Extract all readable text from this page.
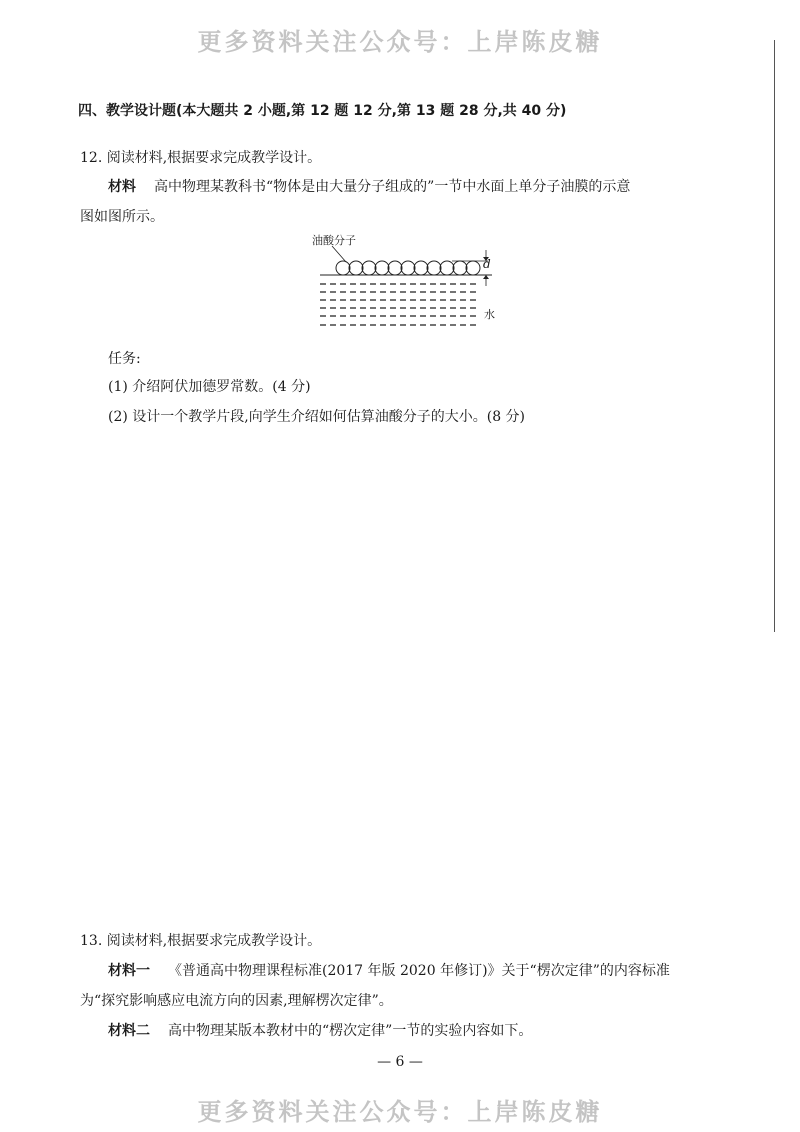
更多资料关注公众号：上岸陈皮糖
四、教学设计题(本大题共 2 小题,第 12 题 12 分,第 13 题 28 分,共 40 分)
12. 阅读材料,根据要求完成教学设计。
材料 高中物理某教科书“物体是由大量分子组成的”一节中水面上单分子油膜的示意
图如图所示。
油酸分子
d
水
任务:
(1) 介绍阿伏加德罗常数。(4 分)
(2) 设计一个教学片段,向学生介绍如何估算油酸分子的大小。(8 分)
13. 阅读材料,根据要求完成教学设计。
材料一 《普通高中物理课程标准(2017 年版 2020 年修订)》关于“楞次定律”的内容标准
为“探究影响感应电流方向的因素,理解楞次定律”。
材料二 高中物理某版本教材中的“楞次定律”一节的实验内容如下。
— 6 —
更多资料关注公众号：上岸陈皮糖
